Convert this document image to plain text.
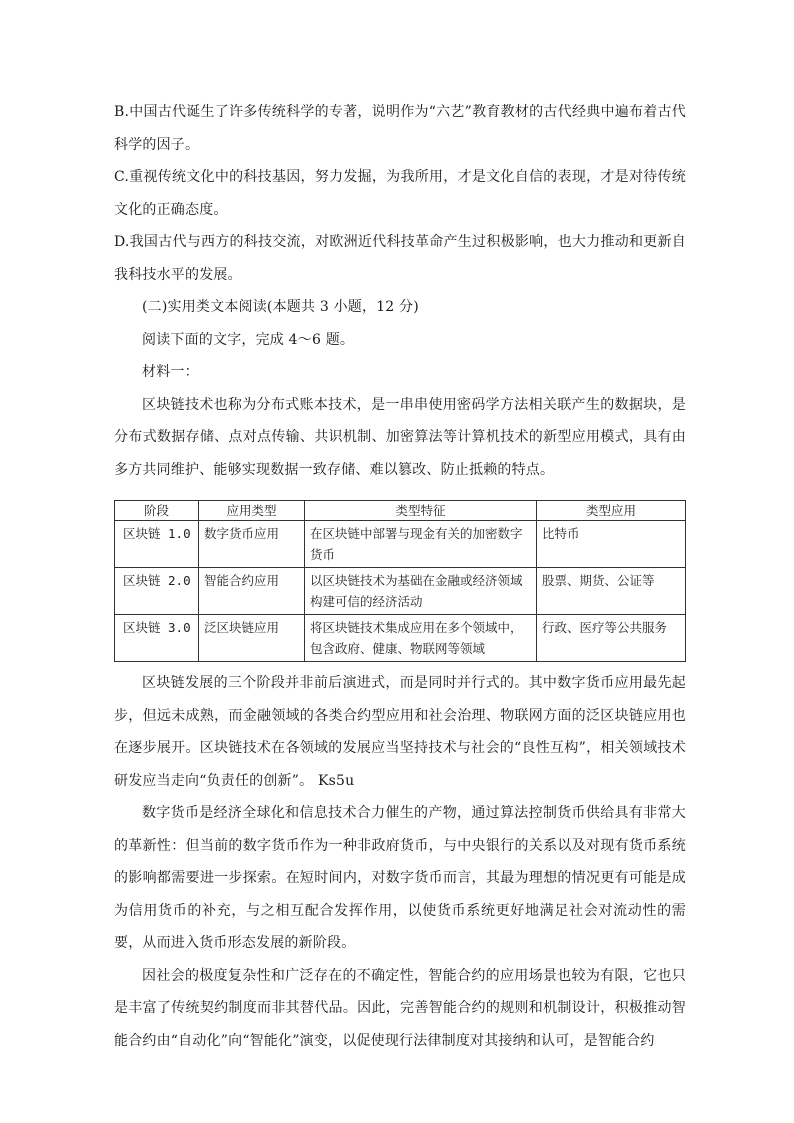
B.中国古代诞生了许多传统科学的专著，说明作为“六艺”教育教材的古代经典中遍布着古代科学的因子。

C.重视传统文化中的科技基因，努力发掘，为我所用，才是文化自信的表现，才是对待传统文化的正确态度。

D.我国古代与西方的科技交流，对欧洲近代科技革命产生过积极影响，也大力推动和更新自我科技水平的发展。

(二)实用类文本阅读(本题共 3 小题，12 分)

阅读下面的文字，完成 4～6 题。

材料一：

区块链技术也称为分布式账本技术，是一串串使用密码学方法相关联产生的数据块，是分布式数据存储、点对点传输、共识机制、加密算法等计算机技术的新型应用模式，具有由多方共同维护、能够实现数据一致存储、难以篡改、防止抵赖的特点。

阶段	应用类型	类型特征	类型应用
区块链 1.0	数字货币应用	在区块链中部署与现金有关的加密数字货币	比特币
区块链 2.0	智能合约应用	以区块链技术为基础在金融或经济领域构建可信的经济活动	股票、期货、公证等
区块链 3.0	泛区块链应用	将区块链技术集成应用在多个领域中，包含政府、健康、物联网等领域	行政、医疗等公共服务

区块链发展的三个阶段并非前后演进式，而是同时并行式的。其中数字货币应用最先起步，但远未成熟，而金融领域的各类合约型应用和社会治理、物联网方面的泛区块链应用也在逐步展开。区块链技术在各领域的发展应当坚持技术与社会的“良性互构”，相关领域技术研发应当走向“负责任的创新”。 Ks5u

数字货币是经济全球化和信息技术合力催生的产物，通过算法控制货币供给具有非常大的革新性：但当前的数字货币作为一种非政府货币，与中央银行的关系以及对现有货币系统的影响都需要进一步探索。在短时间内，对数字货币而言，其最为理想的情况更有可能是成为信用货币的补充，与之相互配合发挥作用，以使货币系统更好地满足社会对流动性的需要，从而进入货币形态发展的新阶段。

因社会的极度复杂性和广泛存在的不确定性，智能合约的应用场景也较为有限，它也只是丰富了传统契约制度而非其替代品。因此，完善智能合约的规则和机制设计，积极推动智能合约由“自动化”向“智能化”演变，以促使现行法律制度对其接纳和认可，是智能合约
